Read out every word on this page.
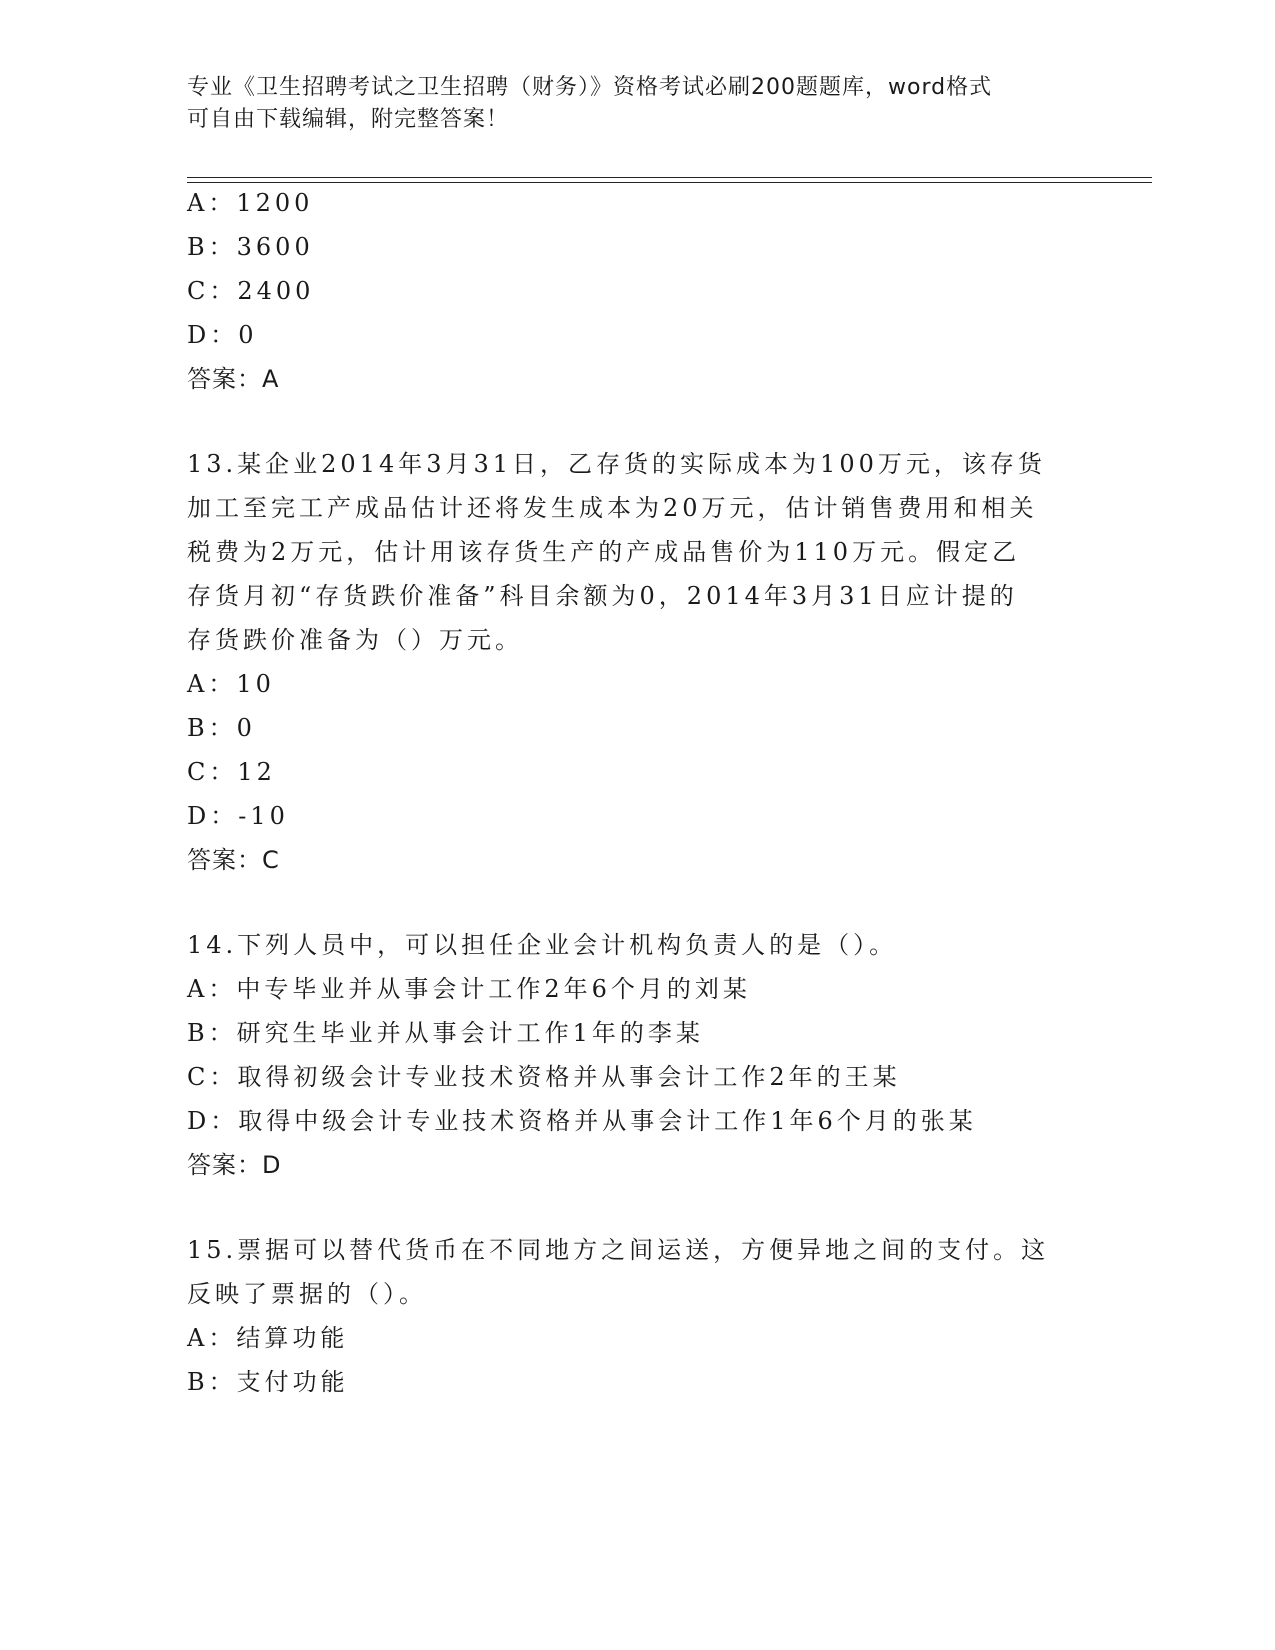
专业《卫生招聘考试之卫生招聘（财务）》资格考试必刷200题题库，word格式
可自由下载编辑，附完整答案！
A：1200
B：3600
C：2400
D：0
答案：A
13.某企业2014年3月31日，乙存货的实际成本为100万元，该存货
加工至完工产成品估计还将发生成本为20万元，估计销售费用和相关
税费为2万元，估计用该存货生产的产成品售价为110万元。假定乙
存货月初“存货跌价准备”科目余额为0，2014年3月31日应计提的
存货跌价准备为（）万元。
A：10
B：0
C：12
D：-10
答案：C
14.下列人员中，可以担任企业会计机构负责人的是（）。
A：中专毕业并从事会计工作2年6个月的刘某
B：研究生毕业并从事会计工作1年的李某
C：取得初级会计专业技术资格并从事会计工作2年的王某
D：取得中级会计专业技术资格并从事会计工作1年6个月的张某
答案：D
15.票据可以替代货币在不同地方之间运送，方便异地之间的支付。这
反映了票据的（）。
A：结算功能
B：支付功能
